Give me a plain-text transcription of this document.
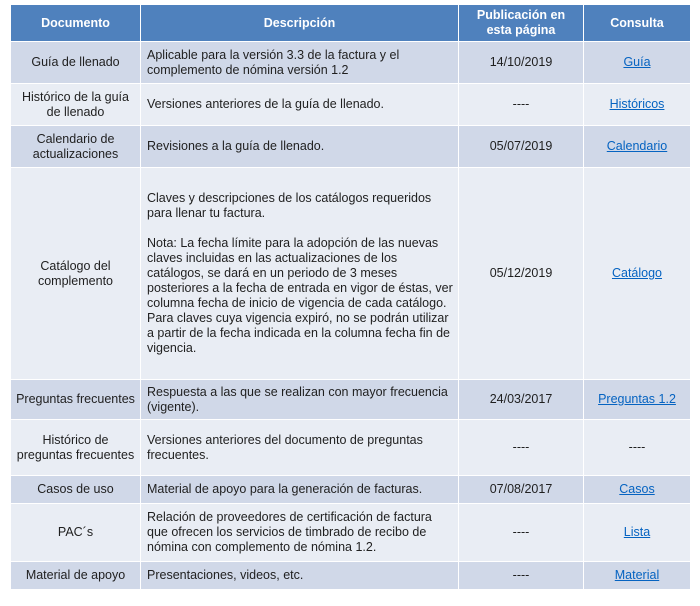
Documento	Descripción	Publicación en esta página	Consulta
Guía de llenado	Aplicable para la versión 3.3 de la factura y el complemento de nómina versión 1.2	14/10/2019	Guía
Histórico de la guía de llenado	Versiones anteriores de la guía de llenado.	----	Históricos
Calendario de actualizaciones	Revisiones a la guía de llenado.	05/07/2019	Calendario
Catálogo del complemento	Claves y descripciones de los catálogos requeridos para llenar tu factura.
Nota: La fecha límite para la adopción de las nuevas claves incluidas en las actualizaciones de los catálogos, se dará en un periodo de 3 meses posteriores a la fecha de entrada en vigor de éstas, ver columna fecha de inicio de vigencia de cada catálogo.
Para claves cuya vigencia expiró, no se podrán utilizar a partir de la fecha indicada en la columna fecha fin de vigencia.	05/12/2019	Catálogo
Preguntas frecuentes	Respuesta a las que se realizan con mayor frecuencia (vigente).	24/03/2017	Preguntas 1.2
Histórico de preguntas frecuentes	Versiones anteriores del documento de preguntas frecuentes.	----	----
Casos de uso	Material de apoyo para la generación de facturas.	07/08/2017	Casos
PAC´s	Relación de proveedores de certificación de factura que ofrecen los servicios de timbrado de recibo de nómina con complemento de nómina 1.2.	----	Lista
Material de apoyo	Presentaciones, videos, etc.	----	Material
